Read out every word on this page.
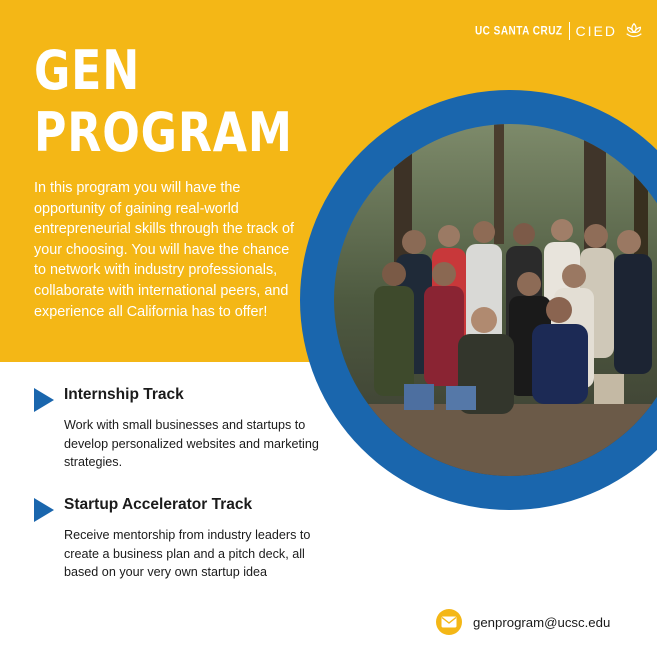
UC SANTA CRUZ CIED
GEN
PROGRAM

In this program you will have the opportunity of gaining real-world entrepreneurial skills through the track of your choosing. You will have the chance to network with industry professionals, collaborate with international peers, and experience all California has to offer!

Internship Track
Work with small businesses and startups to develop personalized websites and marketing strategies.
Startup Accelerator Track
Receive mentorship from industry leaders to create a business plan and a pitch deck, all based on your very own startup idea
genprogram@ucsc.edu
